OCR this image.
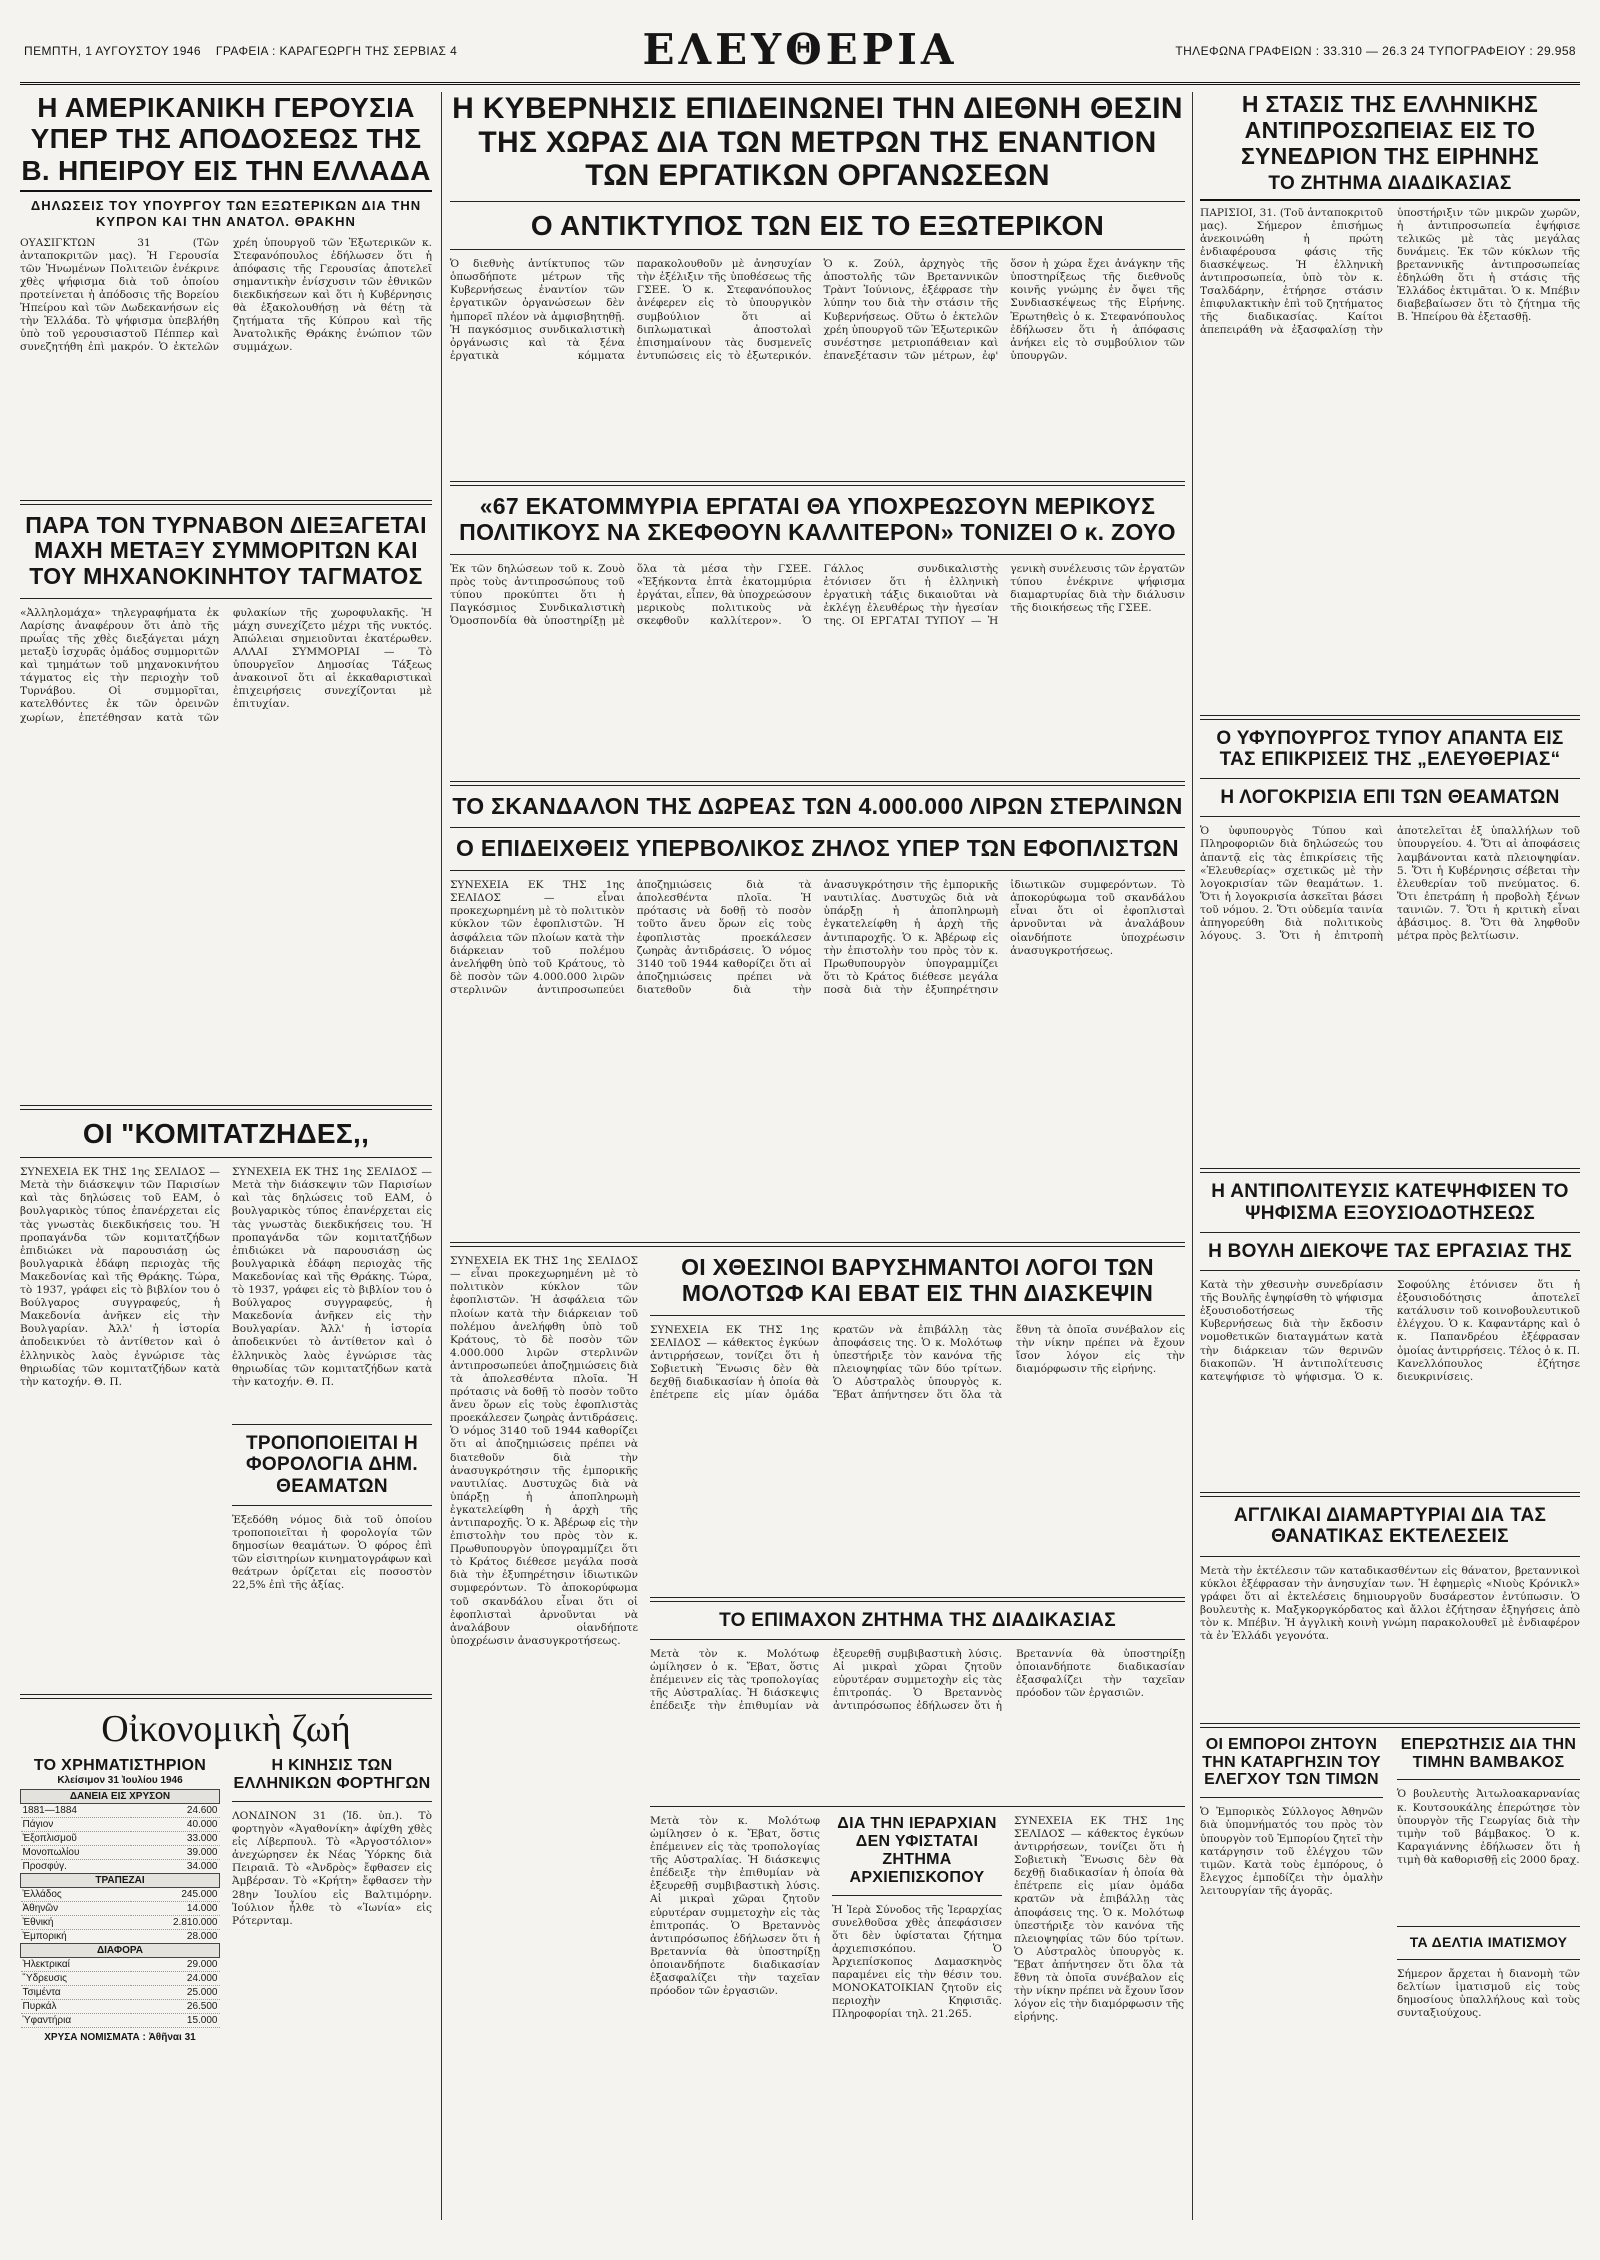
ΠΕΜΠΤΗ, 1 ΑΥΓΟΥΣΤΟΥ 1946 ΓΡΑΦΕΙΑ : ΚΑΡΑΓΕΩΡΓΗ ΤΗΣ ΣΕΡΒΙΑΣ 4	ΕΛΕΥΘΕΡΙΑ	ΤΗΛΕΦΩΝΑ ΓΡΑΦΕΙΩΝ : 33.310 — 26.3 24 ΤΥΠΟΓΡΑΦΕΙΟΥ : 29.958
Η ΑΜΕΡΙΚΑΝΙΚΗ ΓΕΡΟΥΣΙΑ ΥΠΕΡ ΤΗΣ ΑΠΟΔΟΣΕΩΣ ΤΗΣ Β. ΗΠΕΙΡΟΥ ΕΙΣ ΤΗΝ ΕΛΛΑΔΑ
ΔΗΛΩΣΕΙΣ ΤΟΥ ΥΠΟΥΡΓΟΥ ΤΩΝ ΕΞΩΤΕΡΙΚΩΝ ΔΙΑ ΤΗΝ ΚΥΠΡΟΝ ΚΑΙ ΤΗΝ ΑΝΑΤΟΛ. ΘΡΑΚΗΝ
ΟΥΑΣΙΓΚΤΩΝ 31 (Τῶν ἀνταποκριτῶν μας). Ἡ Γερουσία τῶν Ἡνωμένων Πολιτειῶν ἐνέκρινε χθὲς ψήφισμα διὰ τοῦ ὁποίου προτείνεται ἡ ἀπόδοσις τῆς Βορείου Ἠπείρου καὶ τῶν Δωδεκανήσων εἰς τὴν Ἑλλάδα. Τὸ ψήφισμα ὑπεβλήθη ὑπὸ τοῦ γερουσιαστοῦ Πέππερ καὶ συνεζητήθη ἐπὶ μακρόν. Ὁ ἐκτελῶν χρέη ὑπουργοῦ τῶν Ἐξωτερικῶν κ. Στεφανόπουλος ἐδήλωσεν ὅτι ἡ ἀπόφασις τῆς Γερουσίας ἀποτελεῖ σημαντικὴν ἐνίσχυσιν τῶν ἐθνικῶν διεκδικήσεων καὶ ὅτι ἡ Κυβέρνησις θὰ ἐξακολουθήσῃ νὰ θέτῃ τὰ ζητήματα τῆς Κύπρου καὶ τῆς Ἀνατολικῆς Θράκης ἐνώπιον τῶν συμμάχων.
ΠΑΡΑ ΤΟΝ ΤΥΡΝΑΒΟΝ ΔΙΕΞΑΓΕΤΑΙ ΜΑΧΗ ΜΕΤΑΞΥ ΣΥΜΜΟΡΙΤΩΝ ΚΑΙ ΤΟΥ ΜΗΧΑΝΟΚΙΝΗΤΟΥ ΤΑΓΜΑΤΟΣ
«Ἀλληλομάχα» τηλεγραφήματα ἐκ Λαρίσης ἀναφέρουν ὅτι ἀπὸ τῆς πρωΐας τῆς χθὲς διεξάγεται μάχη μεταξὺ ἰσχυρᾶς ὁμάδος συμμοριτῶν καὶ τμημάτων τοῦ μηχανοκινήτου τάγματος εἰς τὴν περιοχὴν τοῦ Τυρνάβου. Οἱ συμμορῖται, κατελθόντες ἐκ τῶν ὀρεινῶν χωρίων, ἐπετέθησαν κατὰ τῶν φυλακίων τῆς χωροφυλακῆς. Ἡ μάχη συνεχίζετο μέχρι τῆς νυκτός. Ἀπώλειαι σημειοῦνται ἑκατέρωθεν. ΑΛΛΑΙ ΣΥΜΜΟΡΙΑΙ — Τὸ ὑπουργεῖον Δημοσίας Τάξεως ἀνακοινοῖ ὅτι αἱ ἐκκαθαριστικαὶ ἐπιχειρήσεις συνεχίζονται μὲ ἐπιτυχίαν.
ΟΙ "ΚΟΜΙΤΑΤΖΗΔΕΣ,,
ΣΥΝΕΧΕΙΑ ΕΚ ΤΗΣ 1ης ΣΕΛΙΔΟΣ — Μετὰ τὴν διάσκεψιν τῶν Παρισίων καὶ τὰς δηλώσεις τοῦ ΕΑΜ, ὁ βουλγαρικὸς τύπος ἐπανέρχεται εἰς τὰς γνωστὰς διεκδικήσεις του. Ἡ προπαγάνδα τῶν κομιτατζήδων ἐπιδιώκει νὰ παρουσιάσῃ ὡς βουλγαρικὰ ἐδάφη περιοχὰς τῆς Μακεδονίας καὶ τῆς Θράκης. Τώρα, τὸ 1937, γράφει εἰς τὸ βιβλίον του ὁ Βούλγαρος συγγραφεύς, ἡ Μακεδονία ἀνῆκεν εἰς τὴν Βουλγαρίαν. Ἀλλ' ἡ ἱστορία ἀποδεικνύει τὸ ἀντίθετον καὶ ὁ ἑλληνικὸς λαὸς ἐγνώρισε τὰς θηριωδίας τῶν κομιτατζήδων κατὰ τὴν κατοχήν. Θ. Π.
ΣΥΝΕΧΕΙΑ ΕΚ ΤΗΣ 1ης ΣΕΛΙΔΟΣ — Μετὰ τὴν διάσκεψιν τῶν Παρισίων καὶ τὰς δηλώσεις τοῦ ΕΑΜ, ὁ βουλγαρικὸς τύπος ἐπανέρχεται εἰς τὰς γνωστὰς διεκδικήσεις του. Ἡ προπαγάνδα τῶν κομιτατζήδων ἐπιδιώκει νὰ παρουσιάσῃ ὡς βουλγαρικὰ ἐδάφη περιοχὰς τῆς Μακεδονίας καὶ τῆς Θράκης. Τώρα, τὸ 1937, γράφει εἰς τὸ βιβλίον του ὁ Βούλγαρος συγγραφεύς, ἡ Μακεδονία ἀνῆκεν εἰς τὴν Βουλγαρίαν. Ἀλλ' ἡ ἱστορία ἀποδεικνύει τὸ ἀντίθετον καὶ ὁ ἑλληνικὸς λαὸς ἐγνώρισε τὰς θηριωδίας τῶν κομιτατζήδων κατὰ τὴν κατοχήν. Θ. Π.
ΤΡΟΠΟΠΟΙΕΙΤΑΙ Η ΦΟΡΟΛΟΓΙΑ ΔΗΜ. ΘΕΑΜΑΤΩΝ
Ἐξεδόθη νόμος διὰ τοῦ ὁποίου τροποποιεῖται ἡ φορολογία τῶν δημοσίων θεαμάτων. Ὁ φόρος ἐπὶ τῶν εἰσιτηρίων κινηματογράφων καὶ θεάτρων ὁρίζεται εἰς ποσοστὸν 22,5% ἐπὶ τῆς ἀξίας.
Οἰκονομικὴ ζωή
ΤΟ ΧΡΗΜΑΤΙΣΤΗΡΙΟΝ
Κλείσιμον 31 Ἰουλίου 1946
ΔΑΝΕΙΑ ΕΙΣ ΧΡΥΣΟΝ	
1881—1884	24.600
Πάγιον	40.000
Ἐξοπλισμοῦ	33.000
Μονοπωλίου	39.000
Προσφύγ.	34.000
ΤΡΑΠΕΖΑΙ	
Ἑλλάδος	245.000
Ἀθηνῶν	14.000
Ἐθνική	2.810.000
Ἐμπορική	28.000
ΔΙΑΦΟΡΑ	
Ἠλεκτρικαί	29.000
Ὕδρευσις	24.000
Τσιμέντα	25.000
Πυρκάλ	26.500
Ὑφαντήρια	15.000
ΧΡΥΣΑ ΝΟΜΙΣΜΑΤΑ : Ἀθῆναι 31
Η ΚΙΝΗΣΙΣ ΤΩΝ ΕΛΛΗΝΙΚΩΝ ΦΟΡΤΗΓΩΝ
ΛΟΝΔΙΝΟΝ 31 (Ἰδ. ὑπ.). Τὸ φορτηγὸν «Ἀγαθονίκη» ἀφίχθη χθὲς εἰς Λίβερπουλ. Τὸ «Ἀργοστόλιον» ἀνεχώρησεν ἐκ Νέας Ὑόρκης διὰ Πειραιᾶ. Τὸ «Ἀνδρὸς» ἔφθασεν εἰς Ἀμβέρσαν. Τὸ «Κρήτη» ἔφθασεν τὴν 28ην Ἰουλίου εἰς Βαλτιμόρην. Ἰούλιον ἦλθε τὸ «Ἰωνία» εἰς Ρότερνταμ.
Η ΚΥΒΕΡΝΗΣΙΣ ΕΠΙΔΕΙΝΩΝΕΙ ΤΗΝ ΔΙΕΘΝΗ ΘΕΣΙΝ ΤΗΣ ΧΩΡΑΣ ΔΙΑ ΤΩΝ ΜΕΤΡΩΝ ΤΗΣ ΕΝΑΝΤΙΟΝ ΤΩΝ ΕΡΓΑΤΙΚΩΝ ΟΡΓΑΝΩΣΕΩΝ
Ο ΑΝΤΙΚΤΥΠΟΣ ΤΩΝ ΕΙΣ ΤΟ ΕΞΩΤΕΡΙΚΟΝ
Ὁ διεθνὴς ἀντίκτυπος τῶν ὁπωσδήποτε μέτρων τῆς Κυβερνήσεως ἐναντίον τῶν ἐργατικῶν ὀργανώσεων δὲν ἠμπορεῖ πλέον νὰ ἀμφισβητηθῇ. Ἡ παγκόσμιος συνδικαλιστικὴ ὀργάνωσις καὶ τὰ ξένα ἐργατικὰ κόμματα παρακολουθοῦν μὲ ἀνησυχίαν τὴν ἐξέλιξιν τῆς ὑποθέσεως τῆς ΓΣΕΕ. Ὁ κ. Στεφανόπουλος ἀνέφερεν εἰς τὸ ὑπουργικὸν συμβούλιον ὅτι αἱ διπλωματικαὶ ἀποστολαὶ ἐπισημαίνουν τὰς δυσμενεῖς ἐντυπώσεις εἰς τὸ ἐξωτερικόν. Ὁ κ. Ζούλ, ἀρχηγὸς τῆς ἀποστολῆς τῶν Βρεταννικῶν Τρὰντ Ἰούνιονς, ἐξέφρασε τὴν λύπην του διὰ τὴν στάσιν τῆς Κυβερνήσεως. Οὕτω ὁ ἐκτελῶν χρέη ὑπουργοῦ τῶν Ἐξωτερικῶν συνέστησε μετριοπάθειαν καὶ ἐπανεξέτασιν τῶν μέτρων, ἐφ' ὅσον ἡ χώρα ἔχει ἀνάγκην τῆς ὑποστηρίξεως τῆς διεθνοῦς κοινῆς γνώμης ἐν ὄψει τῆς Συνδιασκέψεως τῆς Εἰρήνης. Ἐρωτηθεὶς ὁ κ. Στεφανόπουλος ἐδήλωσεν ὅτι ἡ ἀπόφασις ἀνήκει εἰς τὸ συμβούλιον τῶν ὑπουργῶν.
«67 ΕΚΑΤΟΜΜΥΡΙΑ ΕΡΓΑΤΑΙ ΘΑ ΥΠΟΧΡΕΩΣΟΥΝ ΜΕΡΙΚΟΥΣ ΠΟΛΙΤΙΚΟΥΣ ΝΑ ΣΚΕΦΘΟΥΝ ΚΑΛΛΙΤΕΡΟΝ» ΤΟΝΙΖΕΙ Ο κ. ΖΟΥΟ
Ἐκ τῶν δηλώσεων τοῦ κ. Ζουὸ πρὸς τοὺς ἀντιπροσώπους τοῦ τύπου προκύπτει ὅτι ἡ Παγκόσμιος Συνδικαλιστικὴ Ὁμοσπονδία θὰ ὑποστηρίξῃ μὲ ὅλα τὰ μέσα τὴν ΓΣΕΕ. «Ἑξήκοντα ἑπτὰ ἑκατομμύρια ἐργάται, εἶπεν, θὰ ὑποχρεώσουν μερικοὺς πολιτικοὺς νὰ σκεφθοῦν καλλίτερον». Ὁ Γάλλος συνδικαλιστὴς ἐτόνισεν ὅτι ἡ ἑλληνικὴ ἐργατικὴ τάξις δικαιοῦται νὰ ἐκλέγῃ ἐλευθέρως τὴν ἡγεσίαν της. ΟΙ ΕΡΓΑΤΑΙ ΤΥΠΟΥ — Ἡ γενικὴ συνέλευσις τῶν ἐργατῶν τύπου ἐνέκρινε ψήφισμα διαμαρτυρίας διὰ τὴν διάλυσιν τῆς διοικήσεως τῆς ΓΣΕΕ.
ΤΟ ΣΚΑΝΔΑΛΟΝ ΤΗΣ ΔΩΡΕΑΣ ΤΩΝ 4.000.000 ΛΙΡΩΝ ΣΤΕΡΛΙΝΩΝ
Ο ΕΠΙΔΕΙΧΘΕΙΣ ΥΠΕΡΒΟΛΙΚΟΣ ΖΗΛΟΣ ΥΠΕΡ ΤΩΝ ΕΦΟΠΛΙΣΤΩΝ
ΣΥΝΕΧΕΙΑ ΕΚ ΤΗΣ 1ης ΣΕΛΙΔΟΣ — εἶναι προκεχωρημένη μὲ τὸ πολιτικὸν κύκλον τῶν ἐφοπλιστῶν. Ἡ ἀσφάλεια τῶν πλοίων κατὰ τὴν διάρκειαν τοῦ πολέμου ἀνελήφθη ὑπὸ τοῦ Κράτους, τὸ δὲ ποσὸν τῶν 4.000.000 λιρῶν στερλινῶν ἀντιπροσωπεύει ἀποζημιώσεις διὰ τὰ ἀπολεσθέντα πλοῖα. Ἡ πρότασις νὰ δοθῇ τὸ ποσὸν τοῦτο ἄνευ ὅρων εἰς τοὺς ἐφοπλιστὰς προεκάλεσεν ζωηρὰς ἀντιδράσεις. Ὁ νόμος 3140 τοῦ 1944 καθορίζει ὅτι αἱ ἀποζημιώσεις πρέπει νὰ διατεθοῦν διὰ τὴν ἀνασυγκρότησιν τῆς ἐμπορικῆς ναυτιλίας. Δυστυχῶς διὰ νὰ ὑπάρξῃ ἡ ἀποπληρωμὴ ἐγκατελείφθη ἡ ἀρχὴ τῆς ἀντιπαροχῆς. Ὁ κ. Ἀβέρωφ εἰς τὴν ἐπιστολὴν του πρὸς τὸν κ. Πρωθυπουργὸν ὑπογραμμίζει ὅτι τὸ Κράτος διέθεσε μεγάλα ποσὰ διὰ τὴν ἐξυπηρέτησιν ἰδιωτικῶν συμφερόντων. Τὸ ἀποκορύφωμα τοῦ σκανδάλου εἶναι ὅτι οἱ ἐφοπλισταὶ ἀρνοῦνται νὰ ἀναλάβουν οἱανδήποτε ὑποχρέωσιν ἀνασυγκροτήσεως.
ΟΙ ΧΘΕΣΙΝΟΙ ΒΑΡΥΣΗΜΑΝΤΟΙ ΛΟΓΟΙ ΤΩΝ ΜΟΛΟΤΩΦ ΚΑΙ ΕΒΑΤ ΕΙΣ ΤΗΝ ΔΙΑΣΚΕΨΙΝ
ΣΥΝΕΧΕΙΑ ΕΚ ΤΗΣ 1ης ΣΕΛΙΔΟΣ — κάθεκτος ἐγκύων ἀντιρρήσεων, τονίζει ὅτι ἡ Σοβιετικὴ Ἕνωσις δὲν θὰ δεχθῇ διαδικασίαν ἡ ὁποία θὰ ἐπέτρεπε εἰς μίαν ὁμάδα κρατῶν νὰ ἐπιβάλλῃ τὰς ἀποφάσεις της. Ὁ κ. Μολότωφ ὑπεστήριξε τὸν κανόνα τῆς πλειοψηφίας τῶν δύο τρίτων. Ὁ Αὐστραλὸς ὑπουργὸς κ. Ἔβατ ἀπήντησεν ὅτι ὅλα τὰ ἔθνη τὰ ὁποῖα συνέβαλον εἰς τὴν νίκην πρέπει νὰ ἔχουν ἴσον λόγον εἰς τὴν διαμόρφωσιν τῆς εἰρήνης.
ΤΟ ΕΠΙΜΑΧΟΝ ΖΗΤΗΜΑ ΤΗΣ ΔΙΑΔΙΚΑΣΙΑΣ
Μετὰ τὸν κ. Μολότωφ ὡμίλησεν ὁ κ. Ἔβατ, ὅστις ἐπέμεινεν εἰς τὰς τροπολογίας τῆς Αὐστραλίας. Ἡ διάσκεψις ἐπέδειξε τὴν ἐπιθυμίαν νὰ ἐξευρεθῇ συμβιβαστικὴ λύσις. Αἱ μικραὶ χῶραι ζητοῦν εὐρυτέραν συμμετοχὴν εἰς τὰς ἐπιτροπάς. Ὁ Βρεταννὸς ἀντιπρόσωπος ἐδήλωσεν ὅτι ἡ Βρεταννία θὰ ὑποστηρίξῃ ὁποιανδήποτε διαδικασίαν ἐξασφαλίζει τὴν ταχεῖαν πρόοδον τῶν ἐργασιῶν.
Μετὰ τὸν κ. Μολότωφ ὡμίλησεν ὁ κ. Ἔβατ, ὅστις ἐπέμεινεν εἰς τὰς τροπολογίας τῆς Αὐστραλίας. Ἡ διάσκεψις ἐπέδειξε τὴν ἐπιθυμίαν νὰ ἐξευρεθῇ συμβιβαστικὴ λύσις. Αἱ μικραὶ χῶραι ζητοῦν εὐρυτέραν συμμετοχὴν εἰς τὰς ἐπιτροπάς. Ὁ Βρεταννὸς ἀντιπρόσωπος ἐδήλωσεν ὅτι ἡ Βρεταννία θὰ ὑποστηρίξῃ ὁποιανδήποτε διαδικασίαν ἐξασφαλίζει τὴν ταχεῖαν πρόοδον τῶν ἐργασιῶν.
ΔΙΑ ΤΗΝ ΙΕΡΑΡΧΙΑΝ ΔΕΝ ΥΦΙΣΤΑΤΑΙ ΖΗΤΗΜΑ ΑΡΧΙΕΠΙΣΚΟΠΟΥ
Ἡ Ἱερὰ Σύνοδος τῆς Ἱεραρχίας συνελθοῦσα χθὲς ἀπεφάσισεν ὅτι δὲν ὑφίσταται ζήτημα ἀρχιεπισκόπου. Ὁ Ἀρχιεπίσκοπος Δαμασκηνὸς παραμένει εἰς τὴν θέσιν του. ΜΟΝΟΚΑΤΟΙΚΙΑΝ ζητοῦν εἰς περιοχὴν Κηφισιᾶς. Πληροφορίαι τηλ. 21.265.
ΣΥΝΕΧΕΙΑ ΕΚ ΤΗΣ 1ης ΣΕΛΙΔΟΣ — κάθεκτος ἐγκύων ἀντιρρήσεων, τονίζει ὅτι ἡ Σοβιετικὴ Ἕνωσις δὲν θὰ δεχθῇ διαδικασίαν ἡ ὁποία θὰ ἐπέτρεπε εἰς μίαν ὁμάδα κρατῶν νὰ ἐπιβάλλῃ τὰς ἀποφάσεις της. Ὁ κ. Μολότωφ ὑπεστήριξε τὸν κανόνα τῆς πλειοψηφίας τῶν δύο τρίτων. Ὁ Αὐστραλὸς ὑπουργὸς κ. Ἔβατ ἀπήντησεν ὅτι ὅλα τὰ ἔθνη τὰ ὁποῖα συνέβαλον εἰς τὴν νίκην πρέπει νὰ ἔχουν ἴσον λόγον εἰς τὴν διαμόρφωσιν τῆς εἰρήνης.
ΣΥΝΕΧΕΙΑ ΕΚ ΤΗΣ 1ης ΣΕΛΙΔΟΣ — εἶναι προκεχωρημένη μὲ τὸ πολιτικὸν κύκλον τῶν ἐφοπλιστῶν. Ἡ ἀσφάλεια τῶν πλοίων κατὰ τὴν διάρκειαν τοῦ πολέμου ἀνελήφθη ὑπὸ τοῦ Κράτους, τὸ δὲ ποσὸν τῶν 4.000.000 λιρῶν στερλινῶν ἀντιπροσωπεύει ἀποζημιώσεις διὰ τὰ ἀπολεσθέντα πλοῖα. Ἡ πρότασις νὰ δοθῇ τὸ ποσὸν τοῦτο ἄνευ ὅρων εἰς τοὺς ἐφοπλιστὰς προεκάλεσεν ζωηρὰς ἀντιδράσεις. Ὁ νόμος 3140 τοῦ 1944 καθορίζει ὅτι αἱ ἀποζημιώσεις πρέπει νὰ διατεθοῦν διὰ τὴν ἀνασυγκρότησιν τῆς ἐμπορικῆς ναυτιλίας. Δυστυχῶς διὰ νὰ ὑπάρξῃ ἡ ἀποπληρωμὴ ἐγκατελείφθη ἡ ἀρχὴ τῆς ἀντιπαροχῆς. Ὁ κ. Ἀβέρωφ εἰς τὴν ἐπιστολὴν του πρὸς τὸν κ. Πρωθυπουργὸν ὑπογραμμίζει ὅτι τὸ Κράτος διέθεσε μεγάλα ποσὰ διὰ τὴν ἐξυπηρέτησιν ἰδιωτικῶν συμφερόντων. Τὸ ἀποκορύφωμα τοῦ σκανδάλου εἶναι ὅτι οἱ ἐφοπλισταὶ ἀρνοῦνται νὰ ἀναλάβουν οἱανδήποτε ὑποχρέωσιν ἀνασυγκροτήσεως.
Η ΣΤΑΣΙΣ ΤΗΣ ΕΛΛΗΝΙΚΗΣ ΑΝΤΙΠΡΟΣΩΠΕΙΑΣ ΕΙΣ ΤΟ ΣΥΝΕΔΡΙΟΝ ΤΗΣ ΕΙΡΗΝΗΣ
ΤΟ ΖΗΤΗΜΑ ΔΙΑΔΙΚΑΣΙΑΣ
ΠΑΡΙΣΙΟΙ, 31. (Τοῦ ἀνταποκριτοῦ μας). Σήμερον ἐπισήμως ἀνεκοινώθη ἡ πρώτη ἐνδιαφέρουσα φάσις τῆς διασκέψεως. Ἡ ἑλληνικὴ ἀντιπροσωπεία, ὑπὸ τὸν κ. Τσαλδάρην, ἐτήρησε στάσιν ἐπιφυλακτικὴν ἐπὶ τοῦ ζητήματος τῆς διαδικασίας. Καίτοι ἀπεπειράθη νὰ ἐξασφαλίσῃ τὴν ὑποστήριξιν τῶν μικρῶν χωρῶν, ἡ ἀντιπροσωπεία ἐψήφισε τελικῶς μὲ τὰς μεγάλας δυνάμεις. Ἐκ τῶν κύκλων τῆς βρεταννικῆς ἀντιπροσωπείας ἐδηλώθη ὅτι ἡ στάσις τῆς Ἑλλάδος ἐκτιμᾶται. Ὁ κ. Μπέβιν διαβεβαίωσεν ὅτι τὸ ζήτημα τῆς Β. Ἠπείρου θὰ ἐξετασθῇ.
Ο ΥΦΥΠΟΥΡΓΟΣ ΤΥΠΟΥ ΑΠΑΝΤΑ ΕΙΣ ΤΑΣ ΕΠΙΚΡΙΣΕΙΣ ΤΗΣ „ΕΛΕΥΘΕΡΙΑΣ“
Η ΛΟΓΟΚΡΙΣΙΑ ΕΠΙ ΤΩΝ ΘΕΑΜΑΤΩΝ
Ὁ ὑφυπουργὸς Τύπου καὶ Πληροφοριῶν διὰ δηλώσεώς του ἀπαντᾷ εἰς τὰς ἐπικρίσεις τῆς «Ἐλευθερίας» σχετικῶς μὲ τὴν λογοκρισίαν τῶν θεαμάτων. 1. Ὅτι ἡ λογοκρισία ἀσκεῖται βάσει τοῦ νόμου. 2. Ὅτι οὐδεμία ταινία ἀπηγορεύθη διὰ πολιτικοὺς λόγους. 3. Ὅτι ἡ ἐπιτροπὴ ἀποτελεῖται ἐξ ὑπαλλήλων τοῦ ὑπουργείου. 4. Ὅτι αἱ ἀποφάσεις λαμβάνονται κατὰ πλειοψηφίαν. 5. Ὅτι ἡ Κυβέρνησις σέβεται τὴν ἐλευθερίαν τοῦ πνεύματος. 6. Ὅτι ἐπετράπη ἡ προβολὴ ξένων ταινιῶν. 7. Ὅτι ἡ κριτικὴ εἶναι ἀβάσιμος. 8. Ὅτι θὰ ληφθοῦν μέτρα πρὸς βελτίωσιν.
Η ΑΝΤΙΠΟΛΙΤΕΥΣΙΣ ΚΑΤΕΨΗΦΙΣΕΝ ΤΟ ΨΗΦΙΣΜΑ ΕΞΟΥΣΙΟΔΟΤΗΣΕΩΣ
Η ΒΟΥΛΗ ΔΙΕΚΟΨΕ ΤΑΣ ΕΡΓΑΣΙΑΣ ΤΗΣ
Κατὰ τὴν χθεσινὴν συνεδρίασιν τῆς Βουλῆς ἐψηφίσθη τὸ ψήφισμα ἐξουσιοδοτήσεως τῆς Κυβερνήσεως διὰ τὴν ἔκδοσιν νομοθετικῶν διαταγμάτων κατὰ τὴν διάρκειαν τῶν θερινῶν διακοπῶν. Ἡ ἀντιπολίτευσις κατεψήφισε τὸ ψήφισμα. Ὁ κ. Σοφούλης ἐτόνισεν ὅτι ἡ ἐξουσιοδότησις ἀποτελεῖ κατάλυσιν τοῦ κοινοβουλευτικοῦ ἐλέγχου. Ὁ κ. Καφαντάρης καὶ ὁ κ. Παπανδρέου ἐξέφρασαν ὁμοίας ἀντιρρήσεις. Τέλος ὁ κ. Π. Κανελλόπουλος ἐζήτησε διευκρινίσεις.
ΑΓΓΛΙΚΑΙ ΔΙΑΜΑΡΤΥΡΙΑΙ ΔΙΑ ΤΑΣ ΘΑΝΑΤΙΚΑΣ ΕΚΤΕΛΕΣΕΙΣ
Μετὰ τὴν ἐκτέλεσιν τῶν καταδικασθέντων εἰς θάνατον, βρεταννικοὶ κύκλοι ἐξέφρασαν τὴν ἀνησυχίαν των. Ἡ ἐφημερὶς «Νιοὺς Κρόνικλ» γράφει ὅτι αἱ ἐκτελέσεις δημιουργοῦν δυσάρεστον ἐντύπωσιν. Ὁ βουλευτὴς κ. Μαξγκοργκόρδατος καὶ ἄλλοι ἐζήτησαν ἐξηγήσεις ἀπὸ τὸν κ. Μπέβιν. Ἡ ἀγγλικὴ κοινὴ γνώμη παρακολουθεῖ μὲ ἐνδιαφέρον τὰ ἐν Ἑλλάδι γεγονότα.
ΟΙ ΕΜΠΟΡΟΙ ΖΗΤΟΥΝ ΤΗΝ ΚΑΤΑΡΓΗΣΙΝ ΤΟΥ ΕΛΕΓΧΟΥ ΤΩΝ ΤΙΜΩΝ
Ὁ Ἐμπορικὸς Σύλλογος Ἀθηνῶν διὰ ὑπομνήματός του πρὸς τὸν ὑπουργὸν τοῦ Ἐμπορίου ζητεῖ τὴν κατάργησιν τοῦ ἐλέγχου τῶν τιμῶν. Κατὰ τοὺς ἐμπόρους, ὁ ἔλεγχος ἐμποδίζει τὴν ὁμαλὴν λειτουργίαν τῆς ἀγορᾶς.
ΕΠΕΡΩΤΗΣΙΣ ΔΙΑ ΤΗΝ ΤΙΜΗΝ ΒΑΜΒΑΚΟΣ
Ὁ βουλευτὴς Ἀιτωλοακαρνανίας κ. Κουτσουκάλης ἐπερώτησε τὸν ὑπουργὸν τῆς Γεωργίας διὰ τὴν τιμὴν τοῦ βάμβακος. Ὁ κ. Καραγιάννης ἐδήλωσεν ὅτι ἡ τιμὴ θὰ καθορισθῇ εἰς 2000 δραχ.
ΤΑ ΔΕΛΤΙΑ ΙΜΑΤΙΣΜΟΥ
Σήμερον ἄρχεται ἡ διανομὴ τῶν δελτίων ἱματισμοῦ εἰς τοὺς δημοσίους ὑπαλλήλους καὶ τοὺς συνταξιούχους.
